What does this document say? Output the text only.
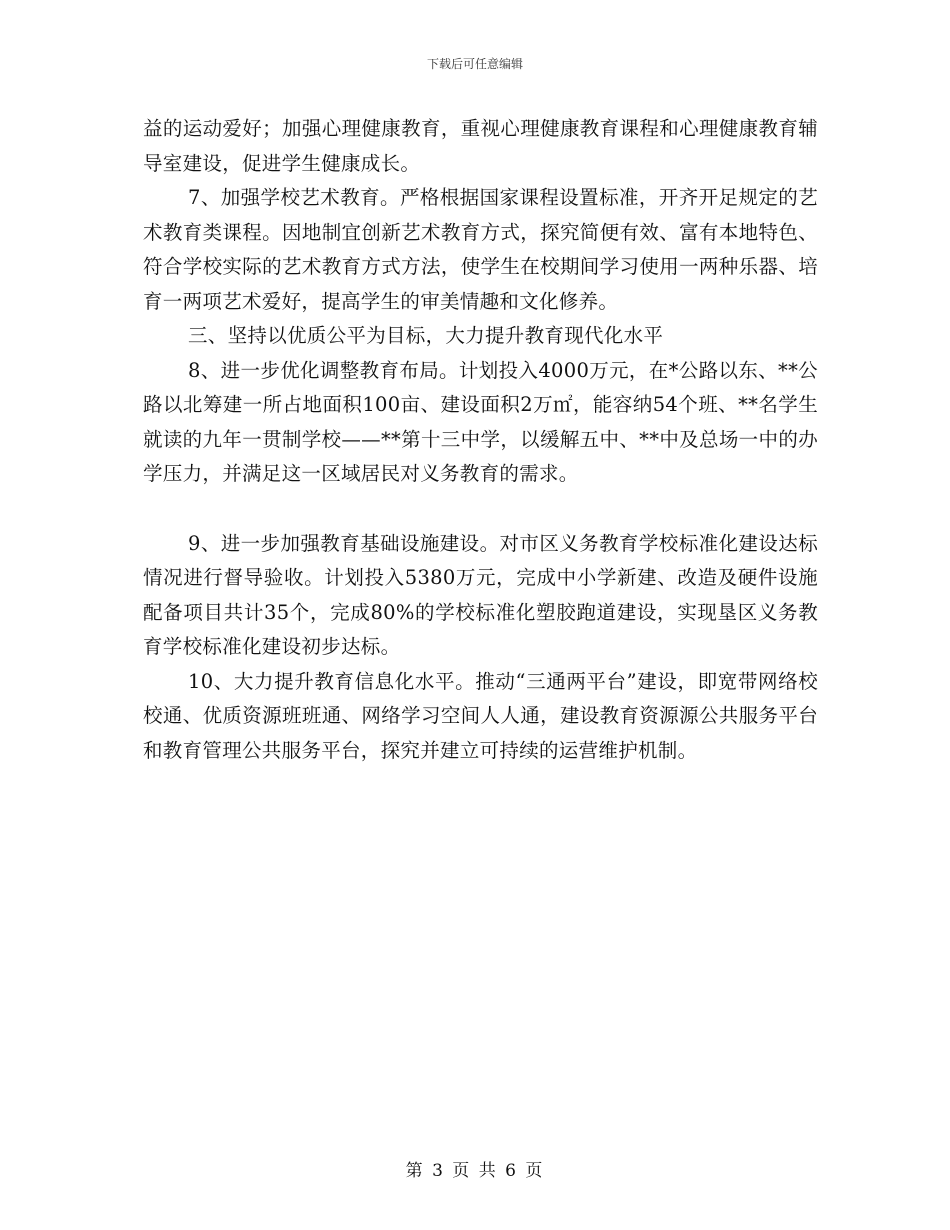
下载后可任意编辑

益的运动爱好；加强心理健康教育，重视心理健康教育课程和心理健康教育辅导室建设，促进学生健康成长。

7、加强学校艺术教育。严格根据国家课程设置标准，开齐开足规定的艺术教育类课程。因地制宜创新艺术教育方式，探究简便有效、富有本地特色、符合学校实际的艺术教育方式方法，使学生在校期间学习使用一两种乐器、培育一两项艺术爱好，提高学生的审美情趣和文化修养。

三、坚持以优质公平为目标，大力提升教育现代化水平

8、进一步优化调整教育布局。计划投入4000万元，在*公路以东、**公路以北筹建一所占地面积100亩、建设面积2万㎡，能容纳54个班、**名学生就读的九年一贯制学校——**第十三中学，以缓解五中、**中及总场一中的办学压力，并满足这一区域居民对义务教育的需求。

9、进一步加强教育基础设施建设。对市区义务教育学校标准化建设达标情况进行督导验收。计划投入5380万元，完成中小学新建、改造及硬件设施配备项目共计35个，完成80%的学校标准化塑胶跑道建设，实现垦区义务教育学校标准化建设初步达标。

10、大力提升教育信息化水平。推动“三通两平台”建设，即宽带网络校校通、优质资源班班通、网络学习空间人人通，建设教育资源源公共服务平台和教育管理公共服务平台，探究并建立可持续的运营维护机制。

第 3 页 共 6 页
